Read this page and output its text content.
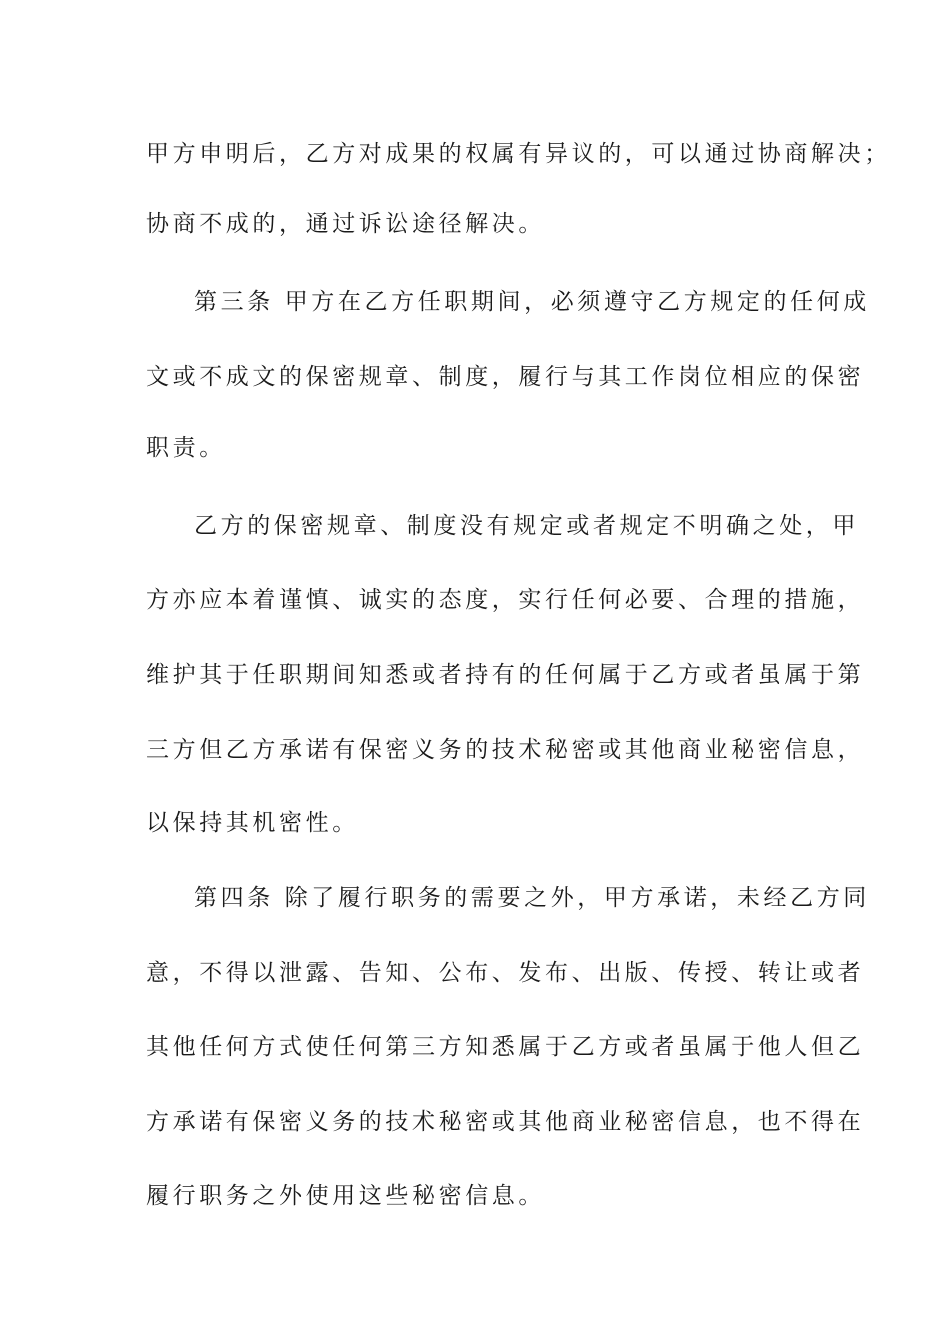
甲方申明后，乙方对成果的权属有异议的，可以通过协商解决；
协商不成的，通过诉讼途径解决。
第三条 甲方在乙方任职期间，必须遵守乙方规定的任何成
文或不成文的保密规章、制度，履行与其工作岗位相应的保密
职责。
乙方的保密规章、制度没有规定或者规定不明确之处，甲
方亦应本着谨慎、诚实的态度，实行任何必要、合理的措施，
维护其于任职期间知悉或者持有的任何属于乙方或者虽属于第
三方但乙方承诺有保密义务的技术秘密或其他商业秘密信息，
以保持其机密性。
第四条 除了履行职务的需要之外，甲方承诺，未经乙方同
意，不得以泄露、告知、公布、发布、出版、传授、转让或者
其他任何方式使任何第三方知悉属于乙方或者虽属于他人但乙
方承诺有保密义务的技术秘密或其他商业秘密信息，也不得在
履行职务之外使用这些秘密信息。
